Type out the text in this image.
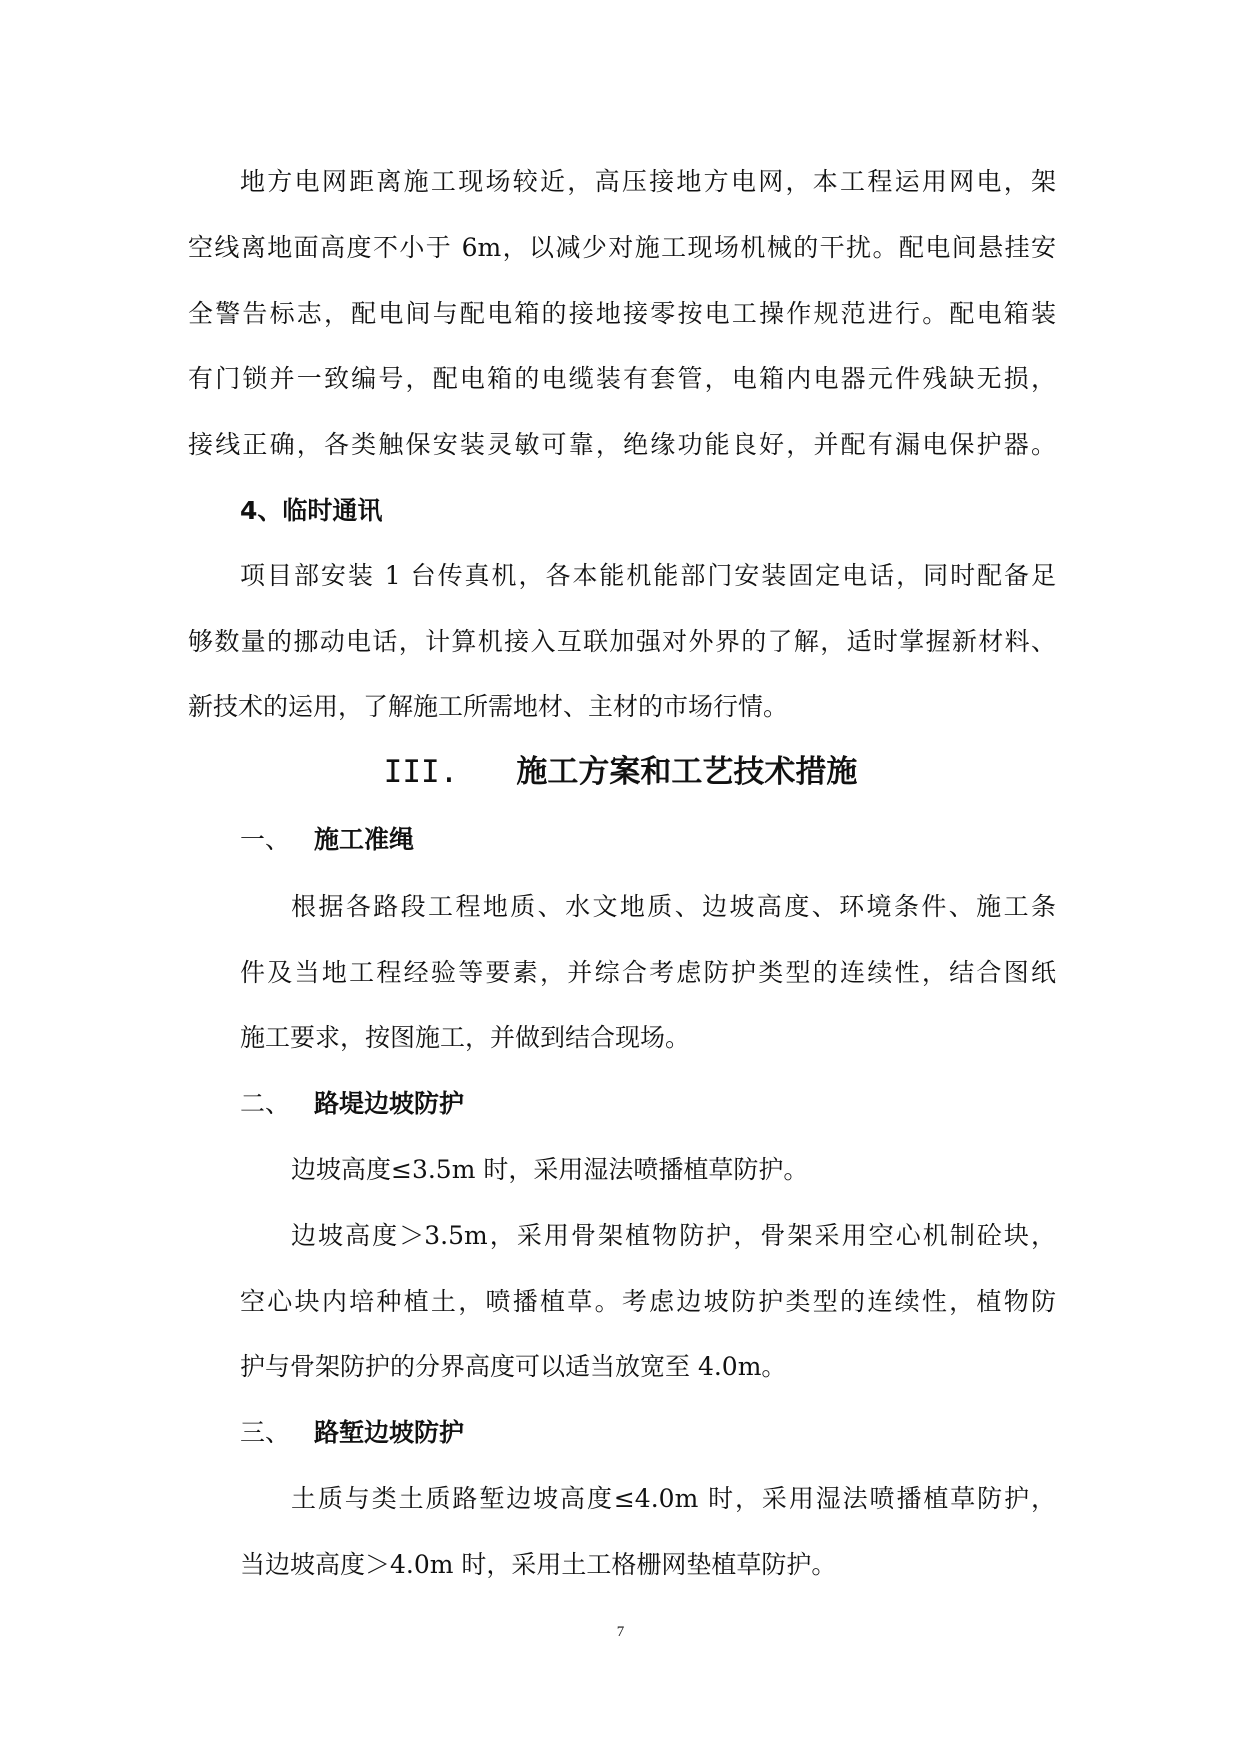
地方电网距离施工现场较近，高压接地方电网，本工程运用网电，架
空线离地面高度不小于 6m，以减少对施工现场机械的干扰。配电间悬挂安
全警告标志，配电间与配电箱的接地接零按电工操作规范进行。配电箱装
有门锁并一致编号，配电箱的电缆装有套管，电箱内电器元件残缺无损，
接线正确，各类触保安装灵敏可靠，绝缘功能良好，并配有漏电保护器。
4、临时通讯
项目部安装 1 台传真机，各本能机能部门安装固定电话，同时配备足
够数量的挪动电话，计算机接入互联加强对外界的了解，适时掌握新材料、
新技术的运用，了解施工所需地材、主材的市场行情。
III. 施工方案和工艺技术措施
一、 施工准绳
根据各路段工程地质、水文地质、边坡高度、环境条件、施工条
件及当地工程经验等要素，并综合考虑防护类型的连续性，结合图纸
施工要求，按图施工，并做到结合现场。
二、 路堤边坡防护
边坡高度≤3.5m 时，采用湿法喷播植草防护。
边坡高度＞3.5m，采用骨架植物防护，骨架采用空心机制砼块，
空心块内培种植土，喷播植草。考虑边坡防护类型的连续性，植物防
护与骨架防护的分界高度可以适当放宽至 4.0m。
三、 路堑边坡防护
土质与类土质路堑边坡高度≤4.0m 时，采用湿法喷播植草防护，
当边坡高度＞4.0m 时，采用土工格栅网垫植草防护。
7
